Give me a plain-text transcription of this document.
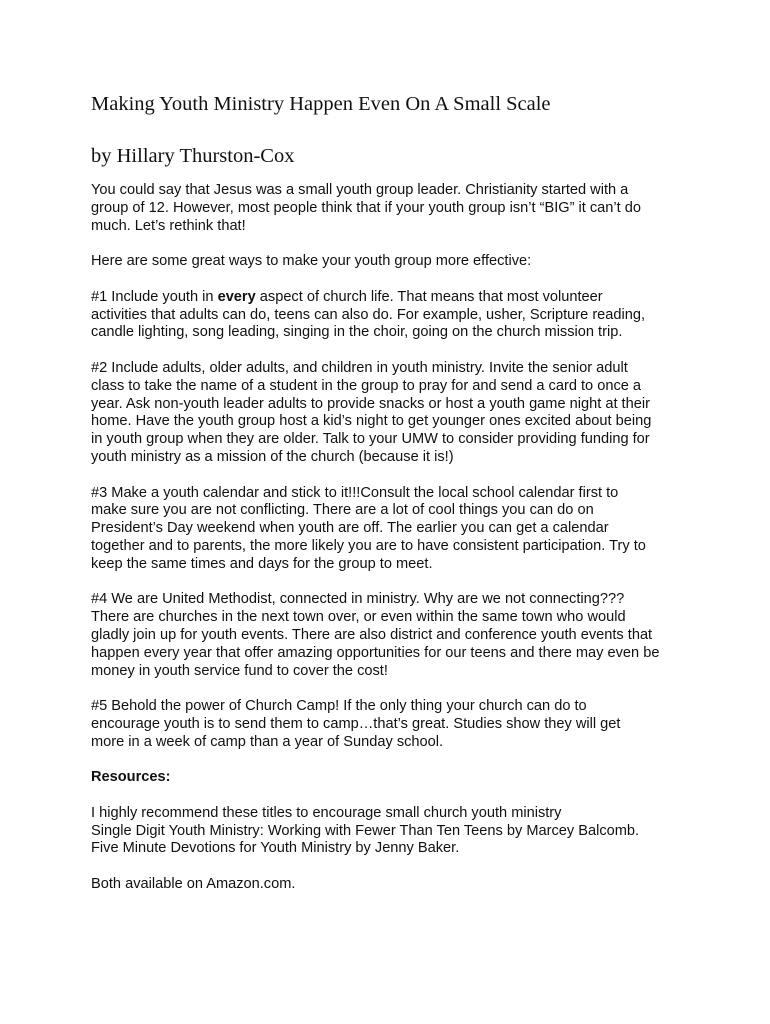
Making Youth Ministry Happen Even On A Small Scale
by Hillary Thurston-Cox

You could say that Jesus was a small youth group leader. Christianity started with a
group of 12. However, most people think that if your youth group isn’t “BIG” it can’t do
much. Let’s rethink that!

Here are some great ways to make your youth group more effective:

#1 Include youth in every aspect of church life. That means that most volunteer
activities that adults can do, teens can also do. For example, usher, Scripture reading,
candle lighting, song leading, singing in the choir, going on the church mission trip.

#2 Include adults, older adults, and children in youth ministry. Invite the senior adult
class to take the name of a student in the group to pray for and send a card to once a
year. Ask non-youth leader adults to provide snacks or host a youth game night at their
home. Have the youth group host a kid’s night to get younger ones excited about being
in youth group when they are older. Talk to your UMW to consider providing funding for
youth ministry as a mission of the church (because it is!)

#3 Make a youth calendar and stick to it!!!Consult the local school calendar first to
make sure you are not conflicting. There are a lot of cool things you can do on
President’s Day weekend when youth are off. The earlier you can get a calendar
together and to parents, the more likely you are to have consistent participation. Try to
keep the same times and days for the group to meet.

#4 We are United Methodist, connected in ministry. Why are we not connecting???
There are churches in the next town over, or even within the same town who would
gladly join up for youth events. There are also district and conference youth events that
happen every year that offer amazing opportunities for our teens and there may even be
money in youth service fund to cover the cost!

#5 Behold the power of Church Camp! If the only thing your church can do to
encourage youth is to send them to camp…that’s great. Studies show they will get
more in a week of camp than a year of Sunday school.

Resources:

I highly recommend these titles to encourage small church youth ministry
Single Digit Youth Ministry: Working with Fewer Than Ten Teens by Marcey Balcomb.
Five Minute Devotions for Youth Ministry by Jenny Baker.

Both available on Amazon.com.
